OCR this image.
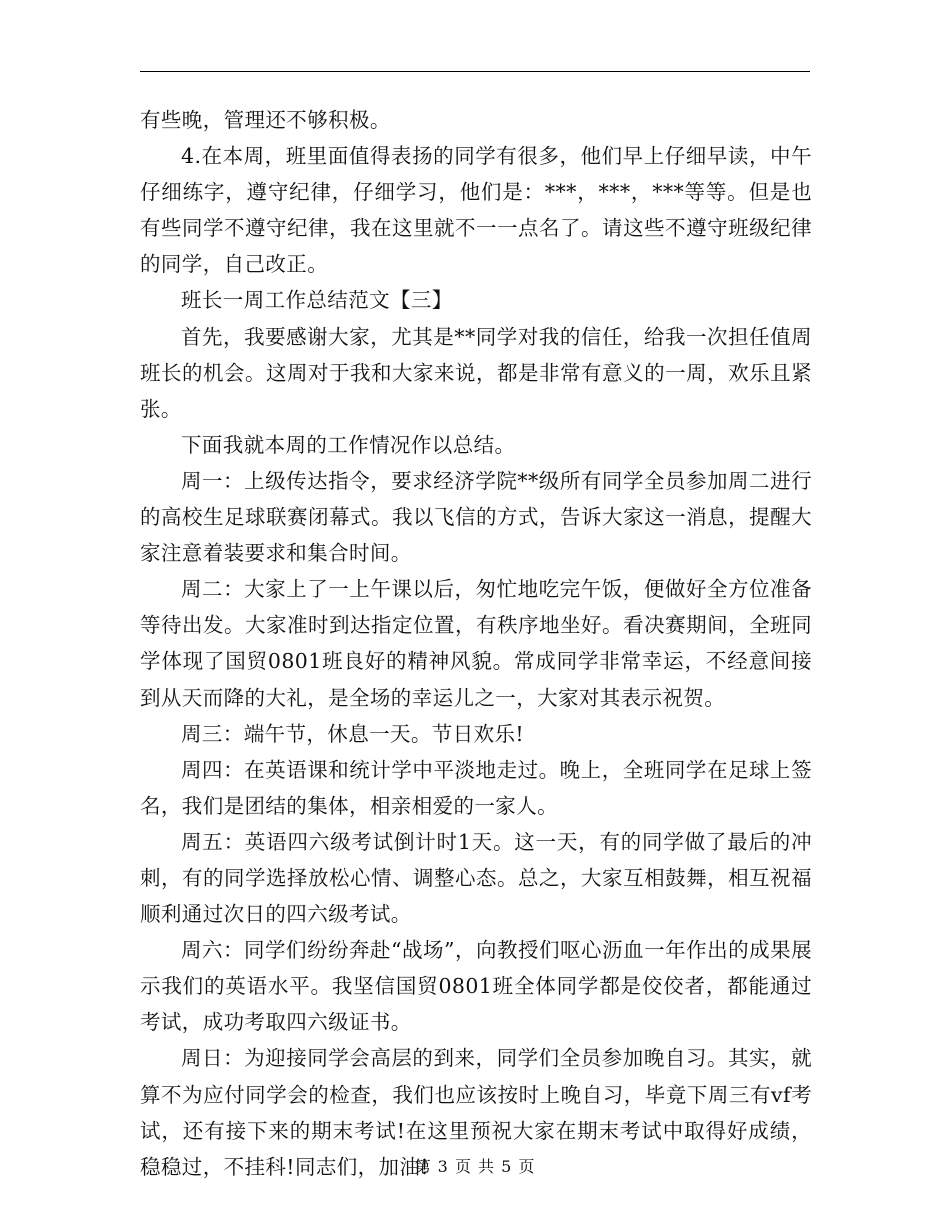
有些晚，管理还不够积极。

4.在本周，班里面值得表扬的同学有很多，他们早上仔细早读，中午仔细练字，遵守纪律，仔细学习，他们是：***，***，***等等。但是也有些同学不遵守纪律，我在这里就不一一点名了。请这些不遵守班级纪律的同学，自己改正。

班长一周工作总结范文【三】

首先，我要感谢大家，尤其是**同学对我的信任，给我一次担任值周班长的机会。这周对于我和大家来说，都是非常有意义的一周，欢乐且紧张。

下面我就本周的工作情况作以总结。

周一：上级传达指令，要求经济学院**级所有同学全员参加周二进行的高校生足球联赛闭幕式。我以飞信的方式，告诉大家这一消息，提醒大家注意着装要求和集合时间。

周二：大家上了一上午课以后，匆忙地吃完午饭，便做好全方位准备等待出发。大家准时到达指定位置，有秩序地坐好。看决赛期间，全班同学体现了国贸0801班良好的精神风貌。常成同学非常幸运，不经意间接到从天而降的大礼，是全场的幸运儿之一，大家对其表示祝贺。

周三：端午节，休息一天。节日欢乐!

周四：在英语课和统计学中平淡地走过。晚上，全班同学在足球上签名，我们是团结的集体，相亲相爱的一家人。

周五：英语四六级考试倒计时1天。这一天，有的同学做了最后的冲刺，有的同学选择放松心情、调整心态。总之，大家互相鼓舞，相互祝福顺利通过次日的四六级考试。

周六：同学们纷纷奔赴“战场”，向教授们呕心沥血一年作出的成果展示我们的英语水平。我坚信国贸0801班全体同学都是佼佼者，都能通过考试，成功考取四六级证书。

周日：为迎接同学会高层的到来，同学们全员参加晚自习。其实，就算不为应付同学会的检查，我们也应该按时上晚自习，毕竟下周三有vf考试，还有接下来的期末考试!在这里预祝大家在期末考试中取得好成绩，稳稳过，不挂科!同志们，加油!

第 3 页 共 5 页
